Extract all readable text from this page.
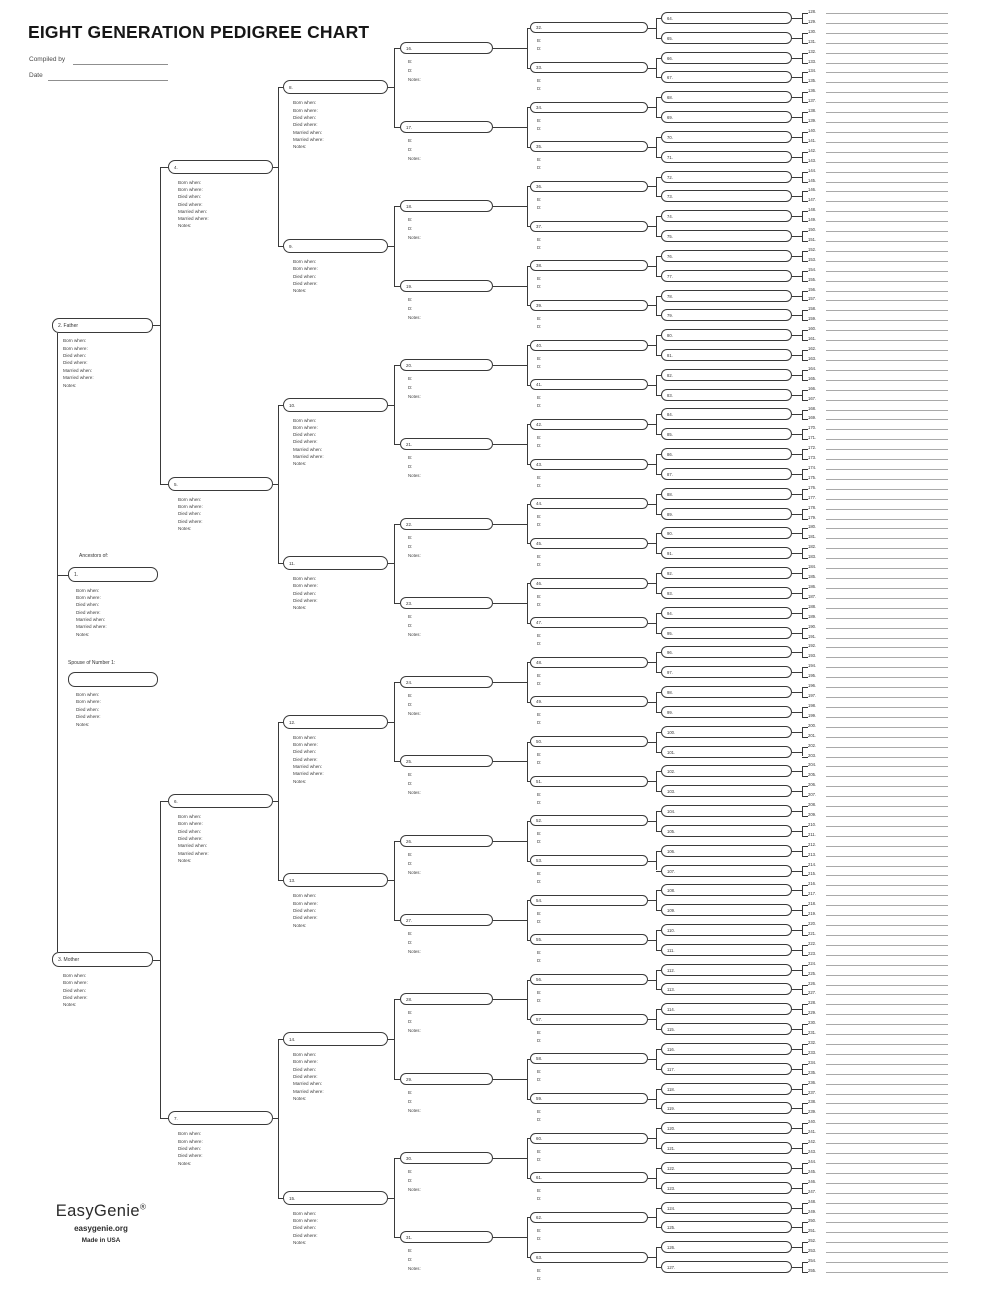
EIGHT GENERATION PEDIGREE CHART
Compiled by
Date
EasyGenie®
easygenie.org
Made in USA
128.
129.
130.
131.
132.
133.
134.
135.
136.
137.
138.
139.
140.
141.
142.
143.
144.
145.
146.
147.
148.
149.
150.
151.
152.
153.
154.
155.
156.
157.
158.
159.
160.
161.
162.
163.
164.
165.
166.
167.
168.
169.
170.
171.
172.
173.
174.
175.
176.
177.
178.
179.
180.
181.
182.
183.
184.
185.
186.
187.
188.
189.
190.
191.
192.
193.
194.
195.
196.
197.
198.
199.
200.
201.
202.
203.
204.
205.
206.
207.
208.
209.
210.
211.
212.
213.
214.
215.
216.
217.
218.
219.
220.
221.
222.
223.
224.
225.
226.
227.
228.
229.
230.
231.
232.
233.
234.
235.
236.
237.
238.
239.
240.
241.
242.
243.
244.
245.
246.
247.
248.
249.
250.
251.
252.
253.
254.
255.
64.
65.
66.
67.
68.
69.
70.
71.
72.
73.
74.
75.
76.
77.
78.
79.
80.
81.
82.
83.
84.
85.
86.
87.
88.
89.
90.
91.
92.
93.
94.
95.
96.
97.
98.
99.
100.
101.
102.
103.
104.
105.
106.
107.
108.
109.
110.
111.
112.
113.
114.
115.
116.
117.
118.
119.
120.
121.
122.
123.
124.
125.
126.
127.
32.
B:
D:
33.
B:
D:
34.
B:
D:
35.
B:
D:
36.
B:
D:
37.
B:
D:
38.
B:
D:
39.
B:
D:
40.
B:
D:
41.
B:
D:
42.
B:
D:
43.
B:
D:
44.
B:
D:
45.
B:
D:
46.
B:
D:
47.
B:
D:
48.
B:
D:
49.
B:
D:
50.
B:
D:
51.
B:
D:
52.
B:
D:
53.
B:
D:
54.
B:
D:
55.
B:
D:
56.
B:
D:
57.
B:
D:
58.
B:
D:
59.
B:
D:
60.
B:
D:
61.
B:
D:
62.
B:
D:
63.
B:
D:
16.
B:
D:
Notes:
17.
B:
D:
Notes:
18.
B:
D:
Notes:
19.
B:
D:
Notes:
20.
B:
D:
Notes:
21.
B:
D:
Notes:
22.
B:
D:
Notes:
23.
B:
D:
Notes:
24.
B:
D:
Notes:
25.
B:
D:
Notes:
26.
B:
D:
Notes:
27.
B:
D:
Notes:
28.
B:
D:
Notes:
29.
B:
D:
Notes:
30.
B:
D:
Notes:
31.
B:
D:
Notes:
8.
Born when:
Born where:
Died when:
Died where:
Married when:
Married where:
Notes:
9.
Born when:
Born where:
Died when:
Died where:
Notes:
10.
Born when:
Born where:
Died when:
Died where:
Married when:
Married where:
Notes:
11.
Born when:
Born where:
Died when:
Died where:
Notes:
12.
Born when:
Born where:
Died when:
Died where:
Married when:
Married where:
Notes:
13.
Born when:
Born where:
Died when:
Died where:
Notes:
14.
Born when:
Born where:
Died when:
Died where:
Married when:
Married where:
Notes:
15.
Born when:
Born where:
Died when:
Died where:
Notes:
4.
Born when:
Born where:
Died when:
Died where:
Married when:
Married where:
Notes:
5.
Born when:
Born where:
Died when:
Died where:
Notes:
6.
Born when:
Born where:
Died when:
Died where:
Married when:
Married where:
Notes:
7.
Born when:
Born where:
Died when:
Died where:
Notes:
2. Father
Born when:
Born where:
Died when:
Died where:
Married when:
Married where:
Notes:
3. Mother
Born when:
Born where:
Died when:
Died where:
Notes:
Ancestors of:
1.
Born when:
Born where:
Died when:
Died where:
Married when:
Married where:
Notes:
Spouse of Number 1:
Born when:
Born where:
Died when:
Died where:
Notes:
